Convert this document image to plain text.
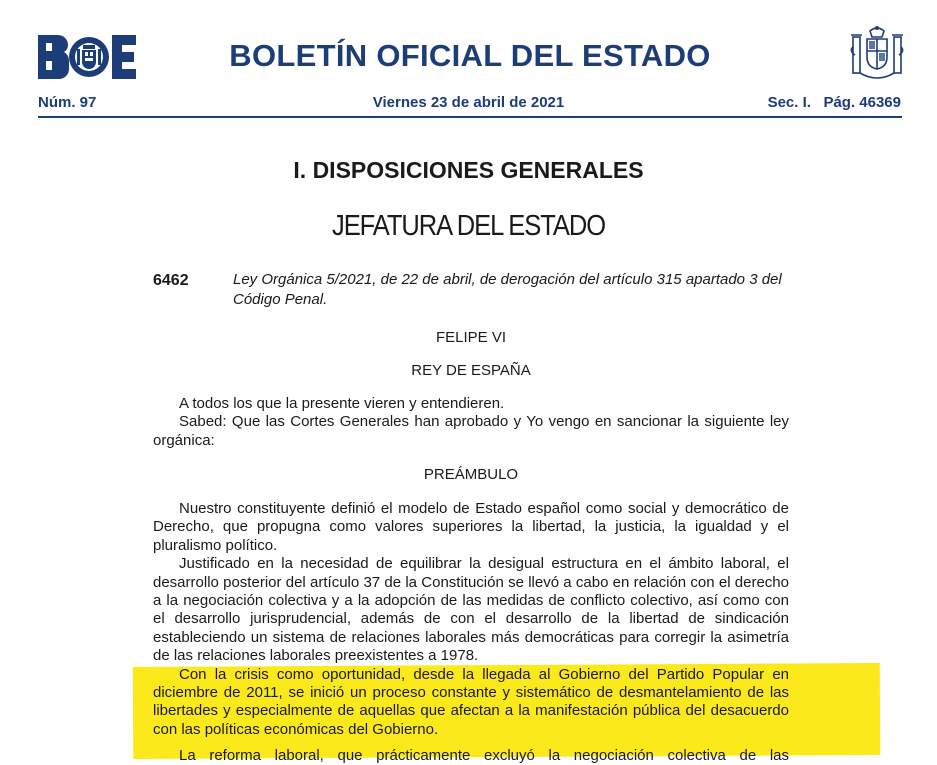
BOLETÍN OFICIAL DEL ESTADO
Núm. 97	Viernes 23 de abril de 2021	Sec. I.   Pág. 46369
I. DISPOSICIONES GENERALES
JEFATURA DEL ESTADO
6462	Ley Orgánica 5/2021, de 22 de abril, de derogación del artículo 315 apartado 3 del Código Penal.
FELIPE VI
REY DE ESPAÑA

A todos los que la presente vieren y entendieren.

Sabed: Que las Cortes Generales han aprobado y Yo vengo en sancionar la siguiente ley orgánica:

PREÁMBULO

Nuestro constituyente definió el modelo de Estado español como social y democrático de Derecho, que propugna como valores superiores la libertad, la justicia, la igualdad y el pluralismo político.

Justificado en la necesidad de equilibrar la desigual estructura en el ámbito laboral, el desarrollo posterior del artículo 37 de la Constitución se llevó a cabo en relación con el derecho a la negociación colectiva y a la adopción de las medidas de conflicto colectivo, así como con el desarrollo jurisprudencial, además de con el desarrollo de la libertad de sindicación estableciendo un sistema de relaciones laborales más democráticas para corregir la asimetría de las relaciones laborales preexistentes a 1978.

Con la crisis como oportunidad, desde la llegada al Gobierno del Partido Popular en diciembre de 2011, se inició un proceso constante y sistemático de desmantelamiento de las libertades y especialmente de aquellas que afectan a la manifestación pública del desacuerdo con las políticas económicas del Gobierno.

La reforma laboral, que prácticamente excluyó la negociación colectiva de las
